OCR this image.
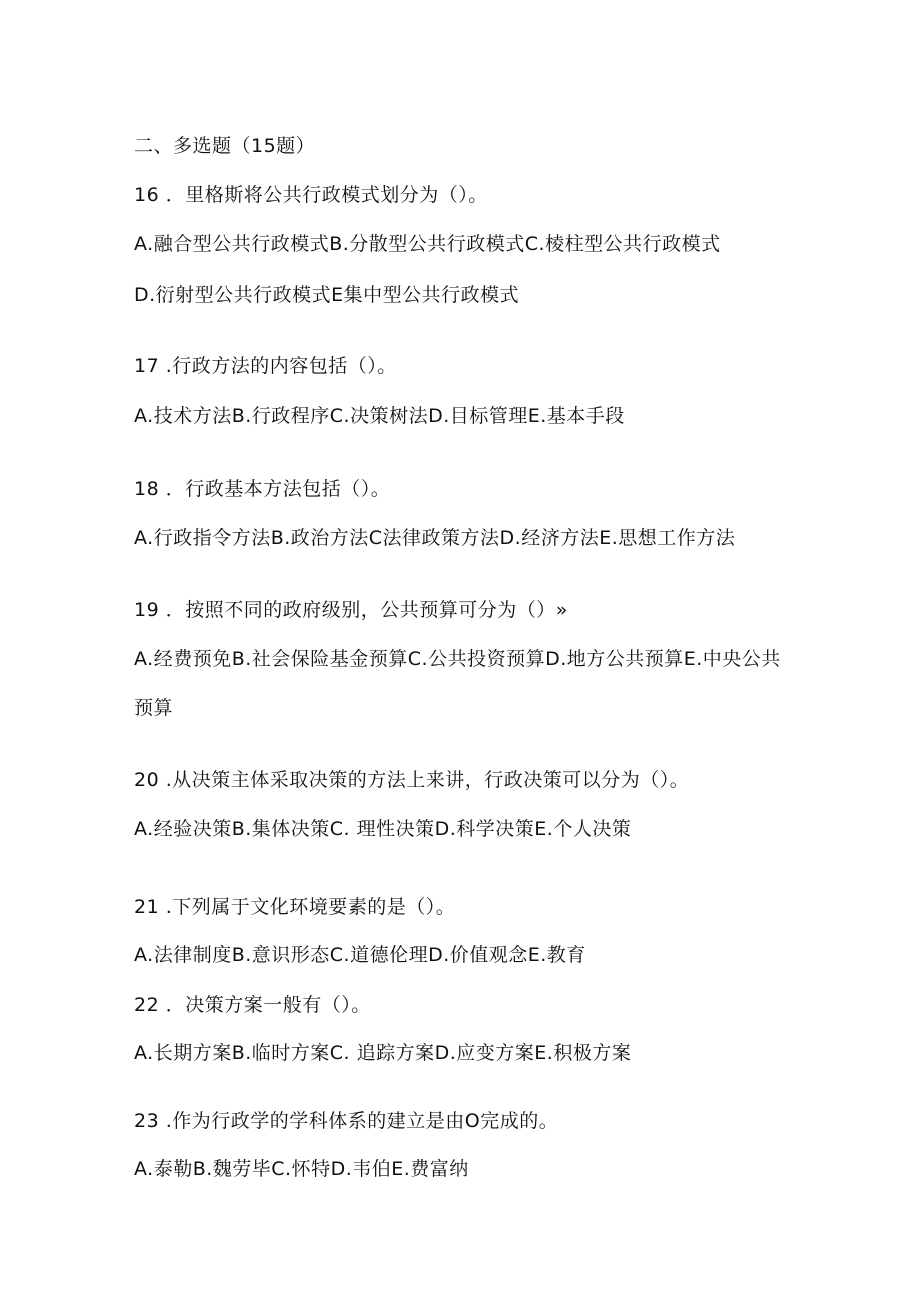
二、多选题（15题）
16 ．里格斯将公共行政模式划分为（）。
A.融合型公共行政模式B.分散型公共行政模式C.棱柱型公共行政模式
D.衍射型公共行政模式E集中型公共行政模式
17 .行政方法的内容包括（）。
A.技术方法B.行政程序C.决策树法D.目标管理E.基本手段
18 ．行政基本方法包括（）。
A.行政指令方法B.政治方法C法律政策方法D.经济方法E.思想工作方法
19 ．按照不同的政府级别，公共预算可分为（）»
A.经费预免B.社会保险基金预算C.公共投资预算D.地方公共预算E.中央公共
预算
20 .从决策主体采取决策的方法上来讲，行政决策可以分为（）。
A.经验决策B.集体决策C. 理性决策D.科学决策E.个人决策
21 .下列属于文化环境要素的是（）。
A.法律制度B.意识形态C.道德伦理D.价值观念E.教育
22 ．决策方案一般有（）。
A.长期方案B.临时方案C. 追踪方案D.应变方案E.积极方案
23 .作为行政学的学科体系的建立是由O完成的。
A.泰勒B.魏劳毕C.怀特D.韦伯E.费富纳
